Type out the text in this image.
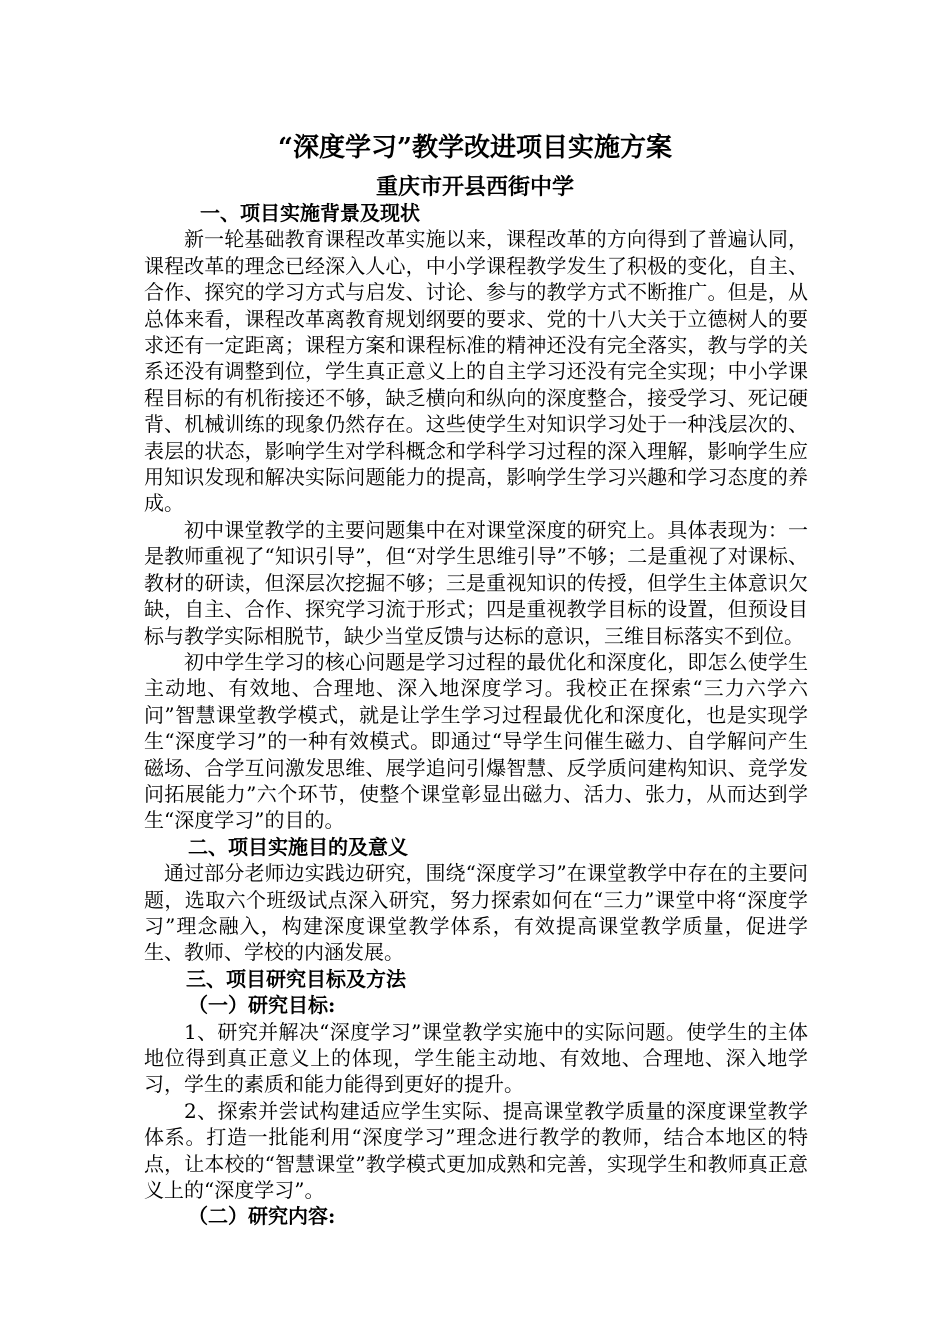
“深度学习”教学改进项目实施方案
重庆市开县西街中学

一、项目实施背景及现状

新一轮基础教育课程改革实施以来，课程改革的方向得到了普遍认同，课程改革的理念已经深入人心，中小学课程教学发生了积极的变化，自主、合作、探究的学习方式与启发、讨论、参与的教学方式不断推广。但是，从总体来看，课程改革离教育规划纲要的要求、党的十八大关于立德树人的要求还有一定距离；课程方案和课程标准的精神还没有完全落实，教与学的关系还没有调整到位，学生真正意义上的自主学习还没有完全实现；中小学课程目标的有机衔接还不够，缺乏横向和纵向的深度整合，接受学习、死记硬背、机械训练的现象仍然存在。这些使学生对知识学习处于一种浅层次的、表层的状态，影响学生对学科概念和学科学习过程的深入理解，影响学生应用知识发现和解决实际问题能力的提高，影响学生学习兴趣和学习态度的养成。

初中课堂教学的主要问题集中在对课堂深度的研究上。具体表现为：一是教师重视了“知识引导”，但“对学生思维引导”不够；二是重视了对课标、教材的研读，但深层次挖掘不够；三是重视知识的传授，但学生主体意识欠缺，自主、合作、探究学习流于形式；四是重视教学目标的设置，但预设目标与教学实际相脱节，缺少当堂反馈与达标的意识，三维目标落实不到位。

初中学生学习的核心问题是学习过程的最优化和深度化，即怎么使学生主动地、有效地、合理地、深入地深度学习。我校正在探索“三力六学六问”智慧课堂教学模式，就是让学生学习过程最优化和深度化，也是实现学生“深度学习”的一种有效模式。即通过“导学生问催生磁力、自学解问产生磁场、合学互问激发思维、展学追问引爆智慧、反学质问建构知识、竞学发问拓展能力”六个环节，使整个课堂彰显出磁力、活力、张力，从而达到学生“深度学习”的目的。

二、项目实施目的及意义

通过部分老师边实践边研究，围绕“深度学习”在课堂教学中存在的主要问题，选取六个班级试点深入研究，努力探索如何在“三力”课堂中将“深度学习”理念融入，构建深度课堂教学体系，有效提高课堂教学质量，促进学生、教师、学校的内涵发展。

三、项目研究目标及方法

（一）研究目标:

1、研究并解决“深度学习”课堂教学实施中的实际问题。使学生的主体地位得到真正意义上的体现，学生能主动地、有效地、合理地、深入地学习，学生的素质和能力能得到更好的提升。

2、探索并尝试构建适应学生实际、提高课堂教学质量的深度课堂教学体系。打造一批能利用“深度学习”理念进行教学的教师，结合本地区的特点，让本校的“智慧课堂”教学模式更加成熟和完善，实现学生和教师真正意义上的“深度学习”。

（二）研究内容:
